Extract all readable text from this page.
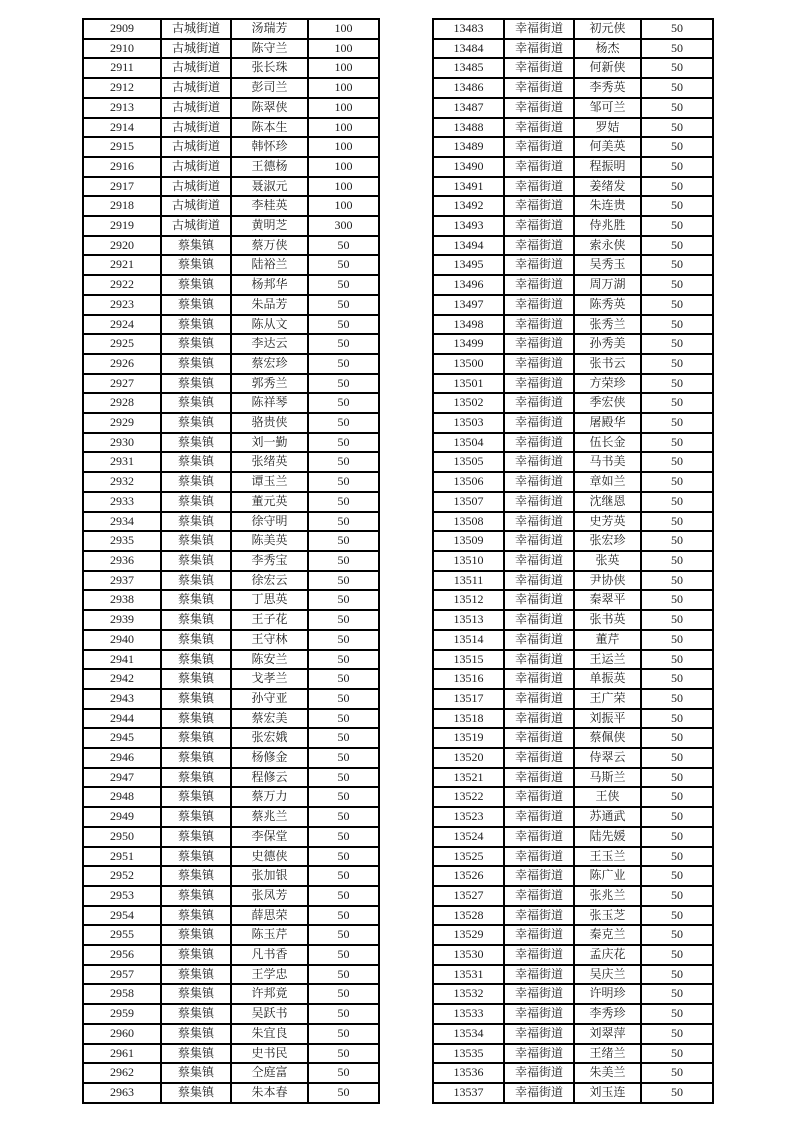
2909	古城街道	汤瑞芳	100
2910	古城街道	陈守兰	100
2911	古城街道	张长珠	100
2912	古城街道	彭司兰	100
2913	古城街道	陈翠侠	100
2914	古城街道	陈本生	100
2915	古城街道	韩怀珍	100
2916	古城街道	王德杨	100
2917	古城街道	聂淑元	100
2918	古城街道	李桂英	100
2919	古城街道	黄明芝	300
2920	蔡集镇	蔡万侠	50
2921	蔡集镇	陆裕兰	50
2922	蔡集镇	杨邦华	50
2923	蔡集镇	朱品芳	50
2924	蔡集镇	陈从文	50
2925	蔡集镇	李达云	50
2926	蔡集镇	蔡宏珍	50
2927	蔡集镇	郭秀兰	50
2928	蔡集镇	陈祥琴	50
2929	蔡集镇	骆贵侠	50
2930	蔡集镇	刘一勤	50
2931	蔡集镇	张绪英	50
2932	蔡集镇	谭玉兰	50
2933	蔡集镇	董元英	50
2934	蔡集镇	徐守明	50
2935	蔡集镇	陈美英	50
2936	蔡集镇	李秀宝	50
2937	蔡集镇	徐宏云	50
2938	蔡集镇	丁思英	50
2939	蔡集镇	王子花	50
2940	蔡集镇	王守林	50
2941	蔡集镇	陈安兰	50
2942	蔡集镇	戈孝兰	50
2943	蔡集镇	孙守亚	50
2944	蔡集镇	蔡宏美	50
2945	蔡集镇	张宏娥	50
2946	蔡集镇	杨修金	50
2947	蔡集镇	程修云	50
2948	蔡集镇	蔡万力	50
2949	蔡集镇	蔡兆兰	50
2950	蔡集镇	李保堂	50
2951	蔡集镇	史德侠	50
2952	蔡集镇	张加银	50
2953	蔡集镇	张凤芳	50
2954	蔡集镇	薛思荣	50
2955	蔡集镇	陈玉芹	50
2956	蔡集镇	凡书香	50
2957	蔡集镇	王学忠	50
2958	蔡集镇	许邦竟	50
2959	蔡集镇	吴跃书	50
2960	蔡集镇	朱宜良	50
2961	蔡集镇	史书民	50
2962	蔡集镇	仝庭富	50
2963	蔡集镇	朱本春	50
13483	幸福街道	初元侠	50
13484	幸福街道	杨杰	50
13485	幸福街道	何新侠	50
13486	幸福街道	李秀英	50
13487	幸福街道	邹可兰	50
13488	幸福街道	罗姞	50
13489	幸福街道	何美英	50
13490	幸福街道	程振明	50
13491	幸福街道	姜绪发	50
13492	幸福街道	朱连贵	50
13493	幸福街道	侍兆胜	50
13494	幸福街道	索永侠	50
13495	幸福街道	吴秀玉	50
13496	幸福街道	周万湖	50
13497	幸福街道	陈秀英	50
13498	幸福街道	张秀兰	50
13499	幸福街道	孙秀美	50
13500	幸福街道	张书云	50
13501	幸福街道	方荣珍	50
13502	幸福街道	季宏侠	50
13503	幸福街道	屠殿华	50
13504	幸福街道	伍长金	50
13505	幸福街道	马书美	50
13506	幸福街道	章如兰	50
13507	幸福街道	沈继恩	50
13508	幸福街道	史芳英	50
13509	幸福街道	张宏珍	50
13510	幸福街道	张英	50
13511	幸福街道	尹协侠	50
13512	幸福街道	秦翠平	50
13513	幸福街道	张书英	50
13514	幸福街道	董芹	50
13515	幸福街道	王运兰	50
13516	幸福街道	单振英	50
13517	幸福街道	王广荣	50
13518	幸福街道	刘振平	50
13519	幸福街道	蔡佩侠	50
13520	幸福街道	侍翠云	50
13521	幸福街道	马斯兰	50
13522	幸福街道	王侠	50
13523	幸福街道	苏通武	50
13524	幸福街道	陆先媛	50
13525	幸福街道	王玉兰	50
13526	幸福街道	陈广业	50
13527	幸福街道	张兆兰	50
13528	幸福街道	张玉芝	50
13529	幸福街道	秦克兰	50
13530	幸福街道	孟庆花	50
13531	幸福街道	吴庆兰	50
13532	幸福街道	许明珍	50
13533	幸福街道	李秀珍	50
13534	幸福街道	刘翠萍	50
13535	幸福街道	王绪兰	50
13536	幸福街道	朱美兰	50
13537	幸福街道	刘玉连	50
